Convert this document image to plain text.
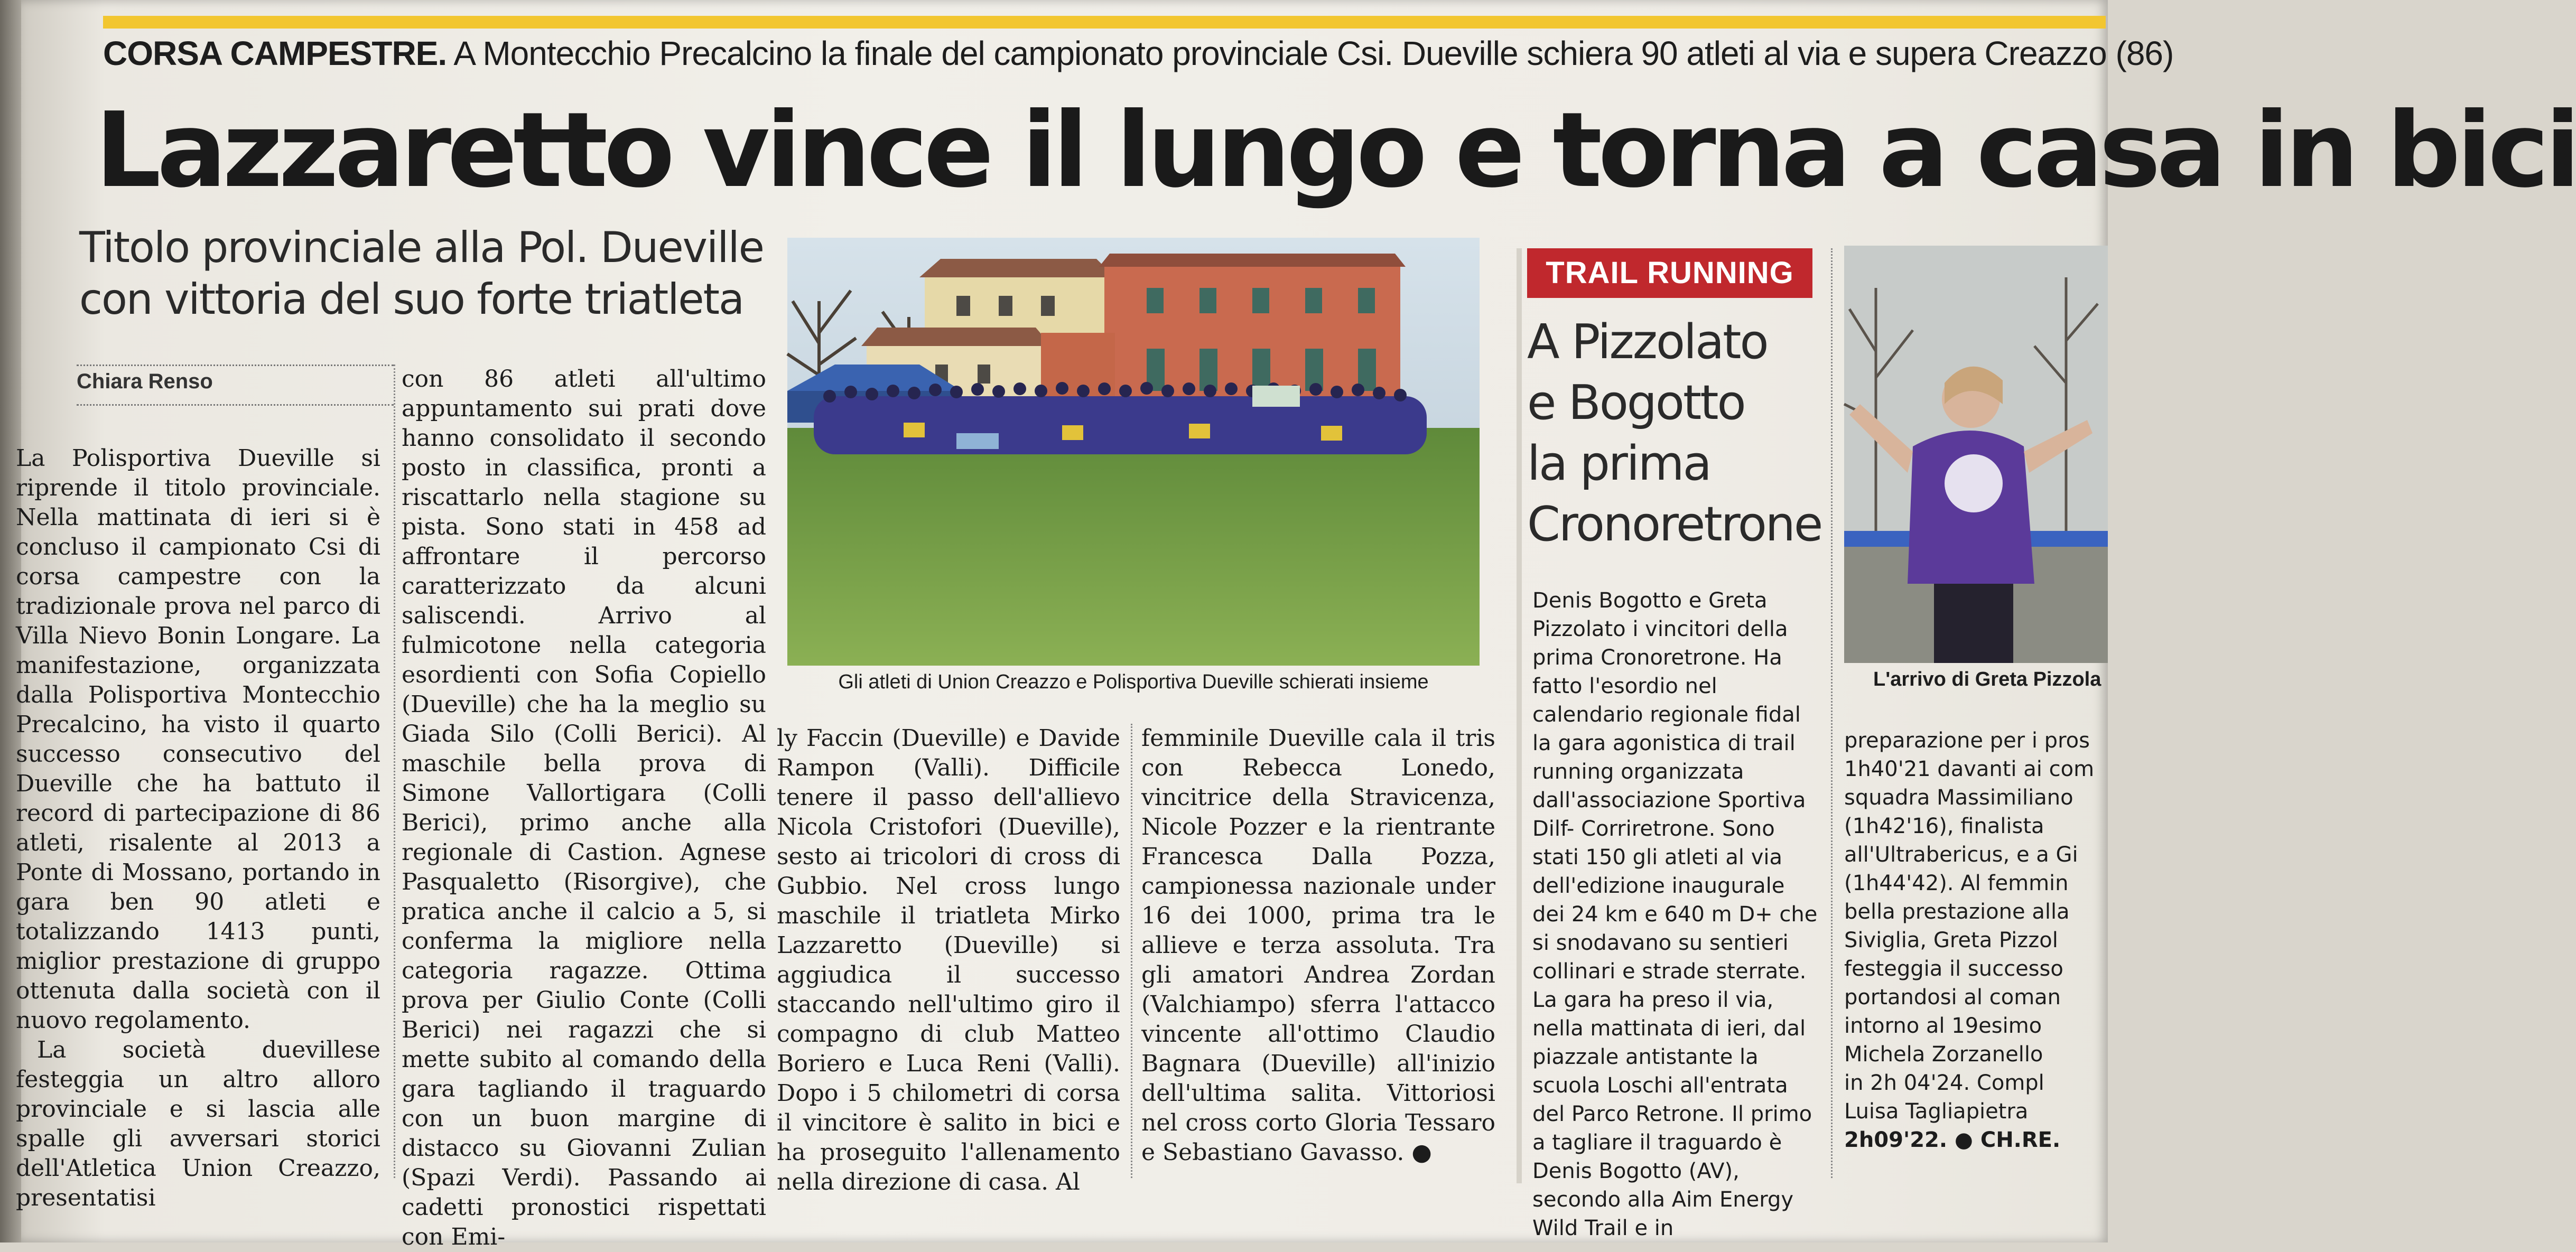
CORSA CAMPESTRE. A Montecchio Precalcino la finale del campionato provinciale Csi. Dueville schiera 90 atleti al via e supera Creazzo (86)
Lazzaretto vince il lungo e torna a casa in bici
Titolo provinciale alla Pol. Dueville
con vittoria del suo forte triatleta
Chiara Renso

La Polisportiva Dueville si riprende il titolo provinciale. Nella mattinata di ieri si è concluso il campionato Csi di corsa campestre con la tradizionale prova nel parco di Villa Nievo Bonin Longare. La manifestazione, organizzata dalla Polisportiva Montecchio Precalcino, ha visto il quarto successo consecutivo del Dueville che ha battuto il record di partecipazione di 86 atleti, risalente al 2013 a Ponte di Mossano, portando in gara ben 90 atleti e totalizzando 1413 punti, miglior prestazione di gruppo ottenuta dalla società con il nuovo regolamento.

La società duevillese festeggia un altro alloro provinciale e si lascia alle spalle gli avversari storici dell'Atletica Union Creazzo, presentatisi

con 86 atleti all'ultimo appuntamento sui prati dove hanno consolidato il secondo posto in classifica, pronti a riscattarlo nella stagione su pista. Sono stati in 458 ad affrontare il percorso caratterizzato da alcuni saliscendi. Arrivo al fulmicotone nella categoria esordienti con Sofia Copiello (Dueville) che ha la meglio su Giada Silo (Colli Berici). Al maschile bella prova di Simone Vallortigara (Colli Berici), primo anche alla regionale di Castion. Agnese Pasqualetto (Risorgive), che pratica anche il calcio a 5, si conferma la migliore nella categoria ragazze. Ottima prova per Giulio Conte (Colli Berici) nei ragazzi che si mette subito al comando della gara tagliando il traguardo con un buon margine di distacco su Giovanni Zulian (Spazi Verdi). Passando ai cadetti pronostici rispettati con Emi-

Gli atleti di Union Creazzo e Polisportiva Dueville schierati insieme

ly Faccin (Dueville) e Davide Rampon (Valli). Difficile tenere il passo dell'allievo Nicola Cristofori (Dueville), sesto ai tricolori di cross di Gubbio. Nel cross lungo maschile il triatleta Mirko Lazzaretto (Dueville) si aggiudica il successo staccando nell'ultimo giro il compagno di club Matteo Boriero e Luca Reni (Valli). Dopo i 5 chilometri di corsa il vincitore è salito in bici e ha proseguito l'allenamento nella direzione di casa. Al

femminile Dueville cala il tris con Rebecca Lonedo, vincitrice della Stravicenza, Nicole Pozzer e la rientrante Francesca Dalla Pozza, campionessa nazionale under 16 dei 1000, prima tra le allieve e terza assoluta. Tra gli amatori Andrea Zordan (Valchiampo) sferra l'attacco vincente all'ottimo Claudio Bagnara (Dueville) all'inizio dell'ultima salita. Vittoriosi nel cross corto Gloria Tessaro e Sebastiano Gavasso. ●

TRAIL RUNNING
A Pizzolato
e Bogotto
la prima
Cronoretrone

Denis Bogotto e Greta Pizzolato i vincitori della prima Cronoretrone. Ha fatto l'esordio nel calendario regionale fidal la gara agonistica di trail running organizzata dall'associazione Sportiva Dilf- Corriretrone. Sono stati 150 gli atleti al via dell'edizione inaugurale dei 24 km e 640 m D+ che si snodavano su sentieri collinari e strade sterrate. La gara ha preso il via, nella mattinata di ieri, dal piazzale antistante la scuola Loschi all'entrata del Parco Retrone. Il primo a tagliare il traguardo è Denis Bogotto (AV), secondo alla Aim Energy Wild Trail e in

L'arrivo di Greta Pizzola
preparazione per i pros
1h40'21 davanti ai com
squadra Massimiliano
(1h42'16), finalista
all'Ultrabericus, e a Gi
(1h44'42). Al femmin
bella prestazione alla
Siviglia, Greta Pizzol
festeggia il successo
portandosi al coman
intorno al 19esimo
Michela Zorzanello
in 2h 04'24. Compl
Luisa Tagliapietra
2h09'22. ● CH.RE.
